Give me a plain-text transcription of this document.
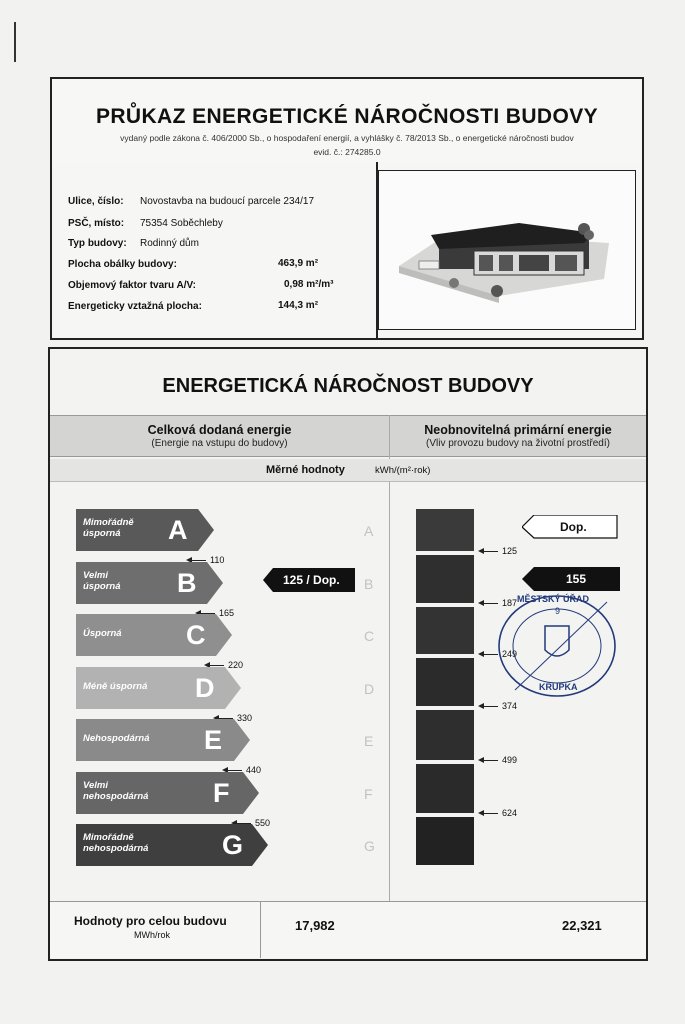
PRŮKAZ ENERGETICKÉ NÁROČNOSTI BUDOVY
vydaný podle zákona č. 406/2000 Sb., o hospodaření energií, a vyhlášky č. 78/2013 Sb., o energetické náročnosti budov
evid. č.: 274285.0
Ulice, číslo: Novostavba na budoucí parcele 234/17
PSČ, místo: 75354 Soběchleby
Typ budovy: Rodinný dům
Plocha obálky budovy:	463,9 m²
Objemový faktor tvaru A/V:	0,98 m²/m³
Energeticky vztažná plocha:	144,3 m²
ENERGETICKÁ NÁROČNOST BUDOVY
Celková dodaná energie
(Energie na vstupu do budovy)
Neobnovitelná primární energie
(Vliv provozu budovy na životní prostředí)
Měrné hodnoty	kWh/(m²·rok)
Mimořádně
úsporná A	A
110
Velmi
úsporná B	B
165
Úsporná C	C
220
Méně úsporná D	D
330
Nehospodárná E	E
440
Velmi
nehospodárná F	F
550
Mimořádně
nehospodárná	G	G
125 / Dop.
125
187
249
374
499
624
Dop.
155
MĚSTSKÝ ÚŘAD
9
KRUPKA
Hodnoty pro celou budovu
MWh/rok
17,982	22,321
